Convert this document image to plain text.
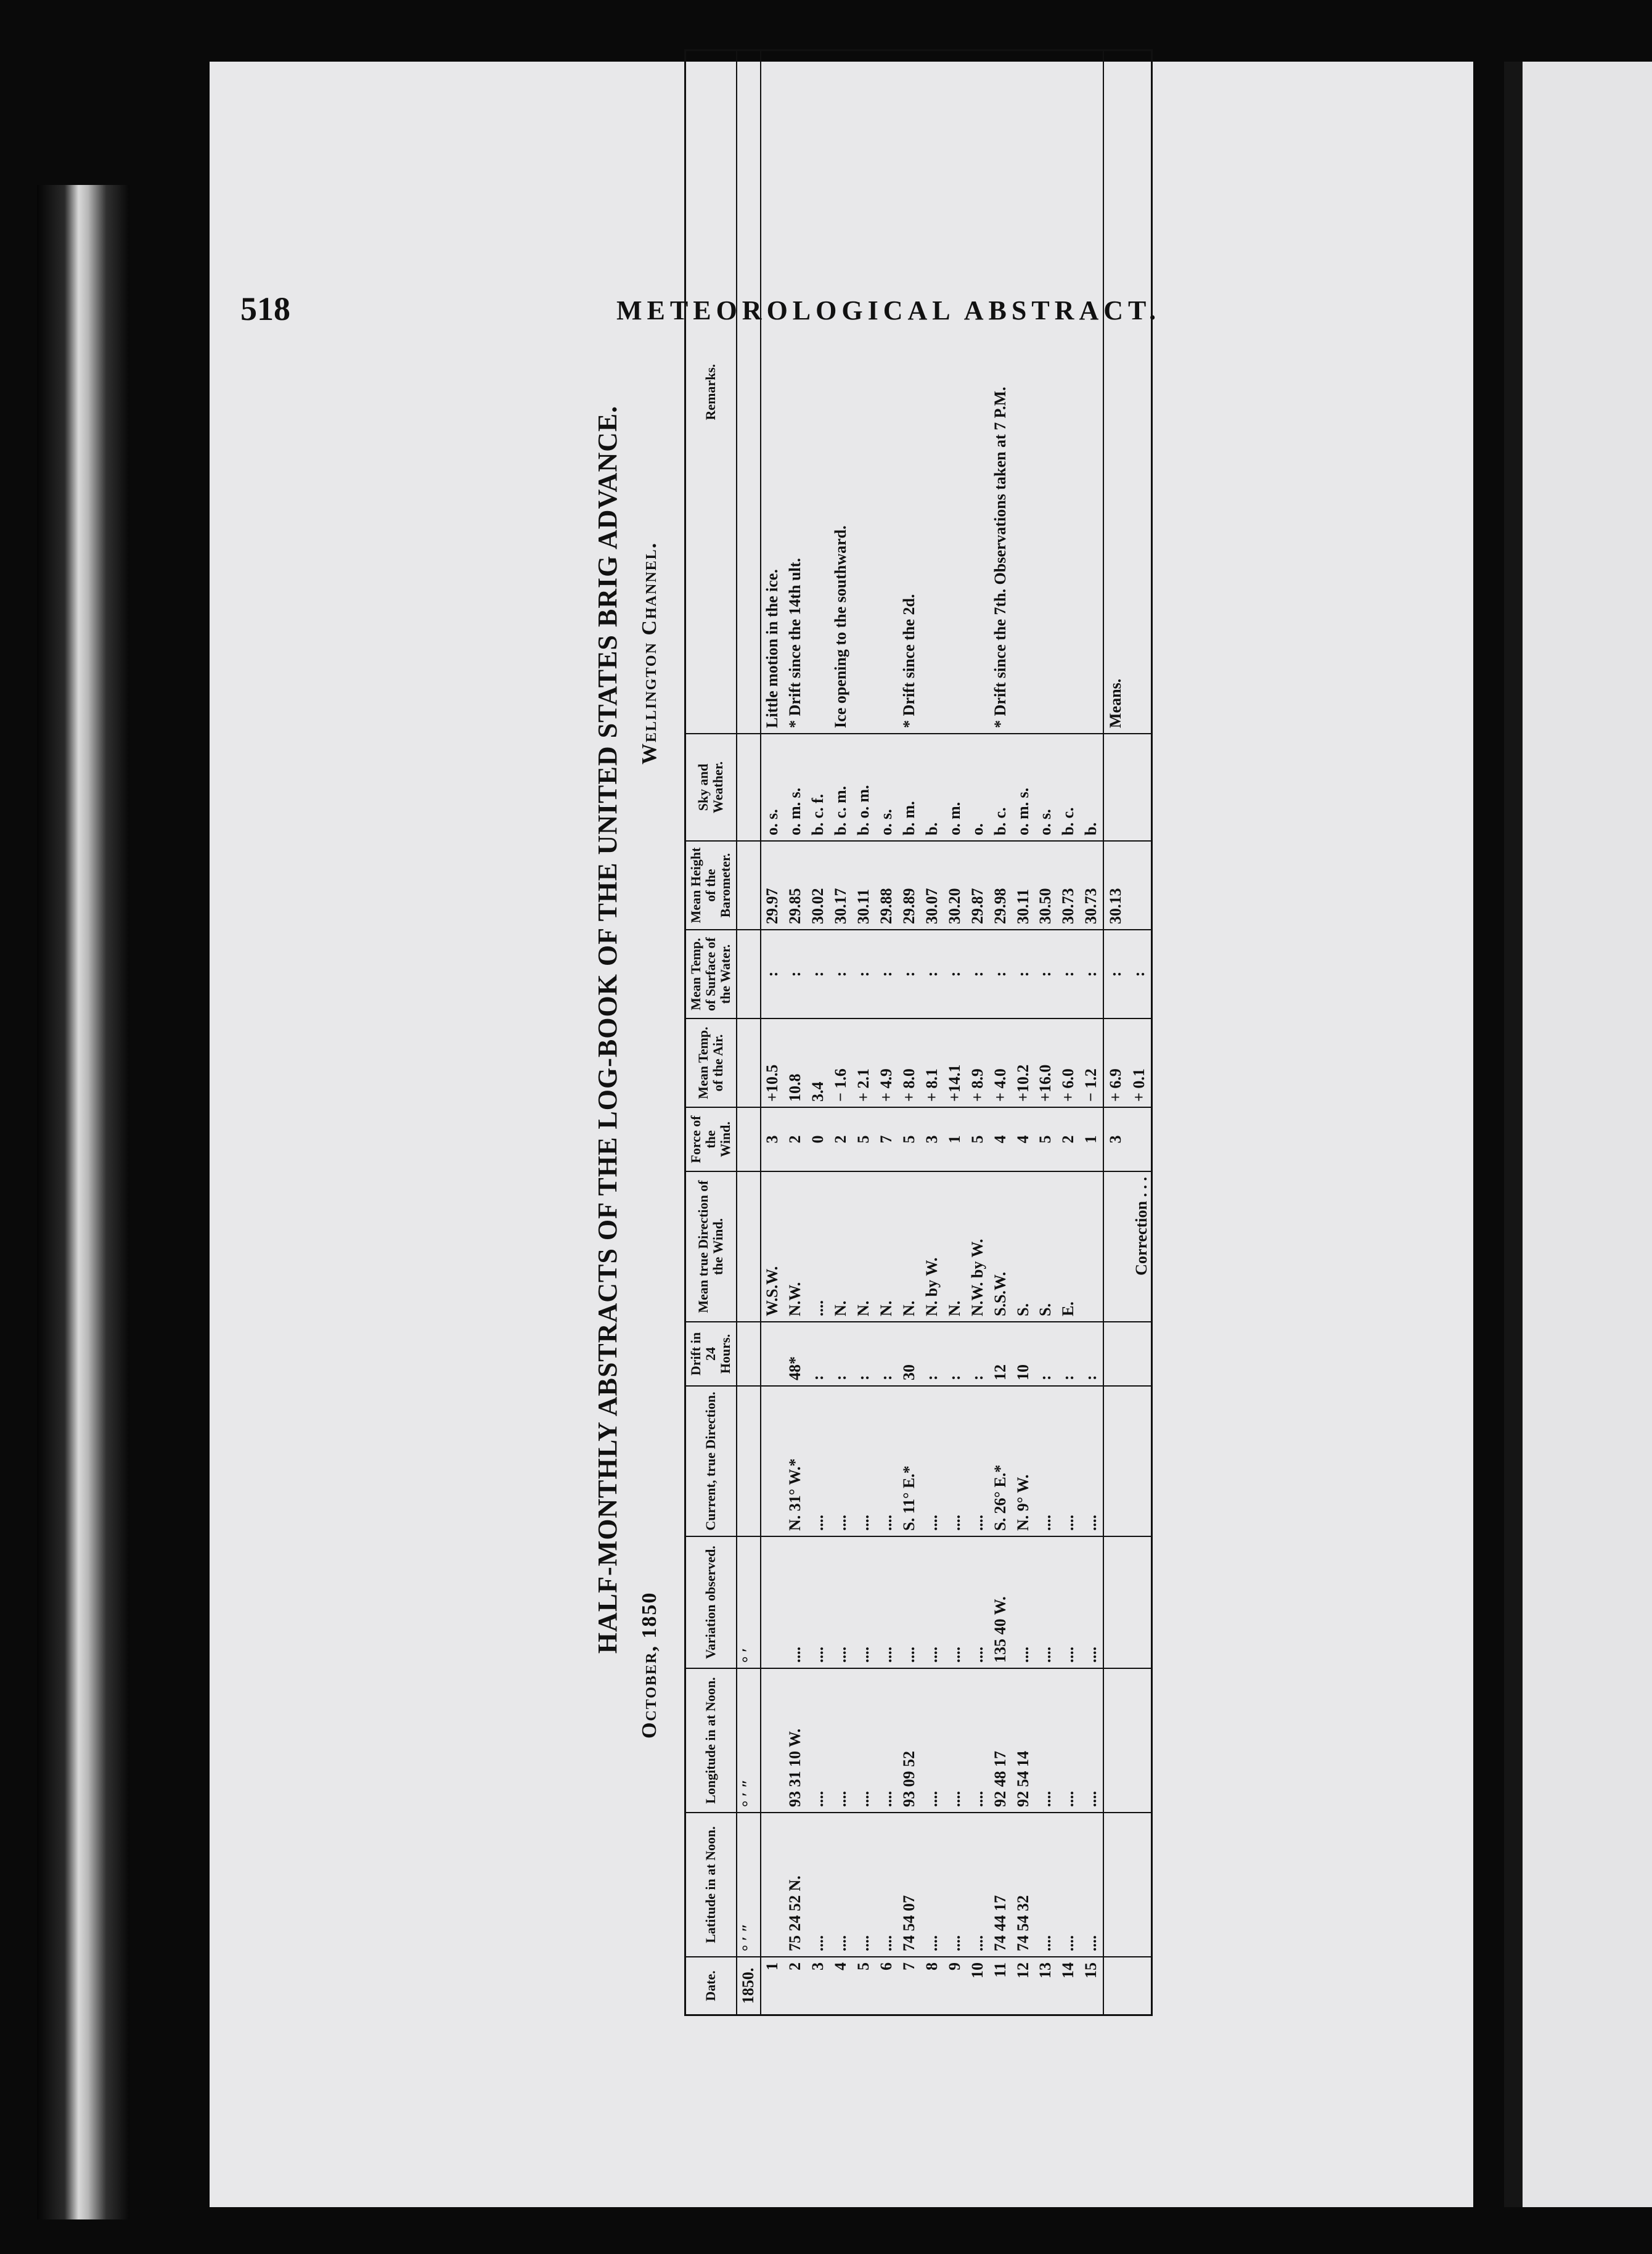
518	METEOROLOGICAL ABSTRACT.
HALF-MONTHLY ABSTRACTS OF THE LOG-BOOK OF THE UNITED STATES BRIG ADVANCE.
October, 1850
Wellington Channel.
Date.	Latitude in at Noon.	Longitude in at Noon.	Variation observed.	Current, true Direction.	Drift in 24 Hours.	Mean true Direction of the Wind.	Force of the Wind.	Mean Temp. of the Air.	Mean Temp. of Surface of the Water.	Mean Height of the Barometer.	Sky and Weather.	Remarks.
1850.	° ′ ″	° ′ ″	° ′									
1						W.S.W.	3	+10.5	:	29.97	o. s.	Little motion in the ice.
2	75 24 52 N.	93 31 10 W.	....	N. 31° W.*	48*	N.W.	2	10.8	:	29.85	o. m. s.	* Drift since the 14th ult.
3	....	....	....	....	:	....	0	3.4	:	30.02	b. c. f.	
4	....	....	....	....	:	N.	2	− 1.6	:	30.17	b. c. m.	Ice opening to the southward.
5	....	....	....	....	:	N.	5	+ 2.1	:	30.11	b. o. m.	
6	....	....	....	....	:	N.	7	+ 4.9	:	29.88	o. s.	
7	74 54 07	93 09 52	....	S. 11° E.*	30	N.	5	+ 8.0	:	29.89	b. m.	* Drift since the 2d.
8	....	....	....	....	:	N. by W.	3	+ 8.1	:	30.07	b.	
9	....	....	....	....	:	N.	1	+14.1	:	30.20	o. m.	
10	....	....	....	....	:	N.W. by W.	5	+ 8.9	:	29.87	o.	
11	74 44 17	92 48 17	135 40 W.	S. 26° E.*	12	S.S.W.	4	+ 4.0	:	29.98	b. c.	* Drift since the 7th. Observations taken at 7 P.M.
12	74 54 32	92 54 14	....	N. 9° W.	10	S.	4	+10.2	:	30.11	o. m. s.	
13	....	....	....	....	:	S.	5	+16.0	:	30.50	o. s.	
14	....	....	....	....	:	E.	2	+ 6.0	:	30.73	b. c.	
15	....	....	....	....	:		1	− 1.2	:	30.73	b.	
						Correction . . .	3	+ 6.9	:	30.13		Means.
								+ 0.1	:			
